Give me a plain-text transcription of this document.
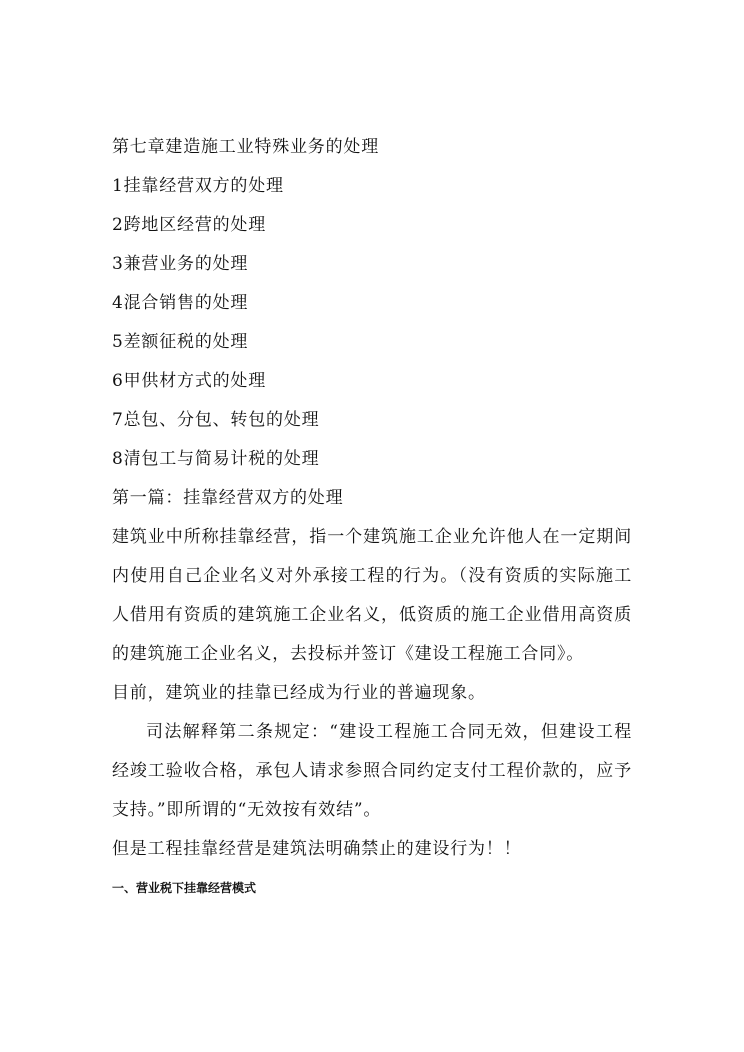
第七章建造施工业特殊业务的处理
1挂靠经营双方的处理
2跨地区经营的处理
3兼营业务的处理
4混合销售的处理
5差额征税的处理
6甲供材方式的处理
7总包、分包、转包的处理
8清包工与简易计税的处理
第一篇：挂靠经营双方的处理

建筑业中所称挂靠经营，指一个建筑施工企业允许他人在一定期间内使用自己企业名义对外承接工程的行为。（没有资质的实际施工人借用有资质的建筑施工企业名义，低资质的施工企业借用高资质的建筑施工企业名义，去投标并签订《建设工程施工合同》。

目前，建筑业的挂靠已经成为行业的普遍现象。

司法解释第二条规定：“建设工程施工合同无效，但建设工程经竣工验收合格，承包人请求参照合同约定支付工程价款的，应予支持。”即所谓的“无效按有效结”。

但是工程挂靠经营是建筑法明确禁止的建设行为！！

一、营业税下挂靠经营模式
